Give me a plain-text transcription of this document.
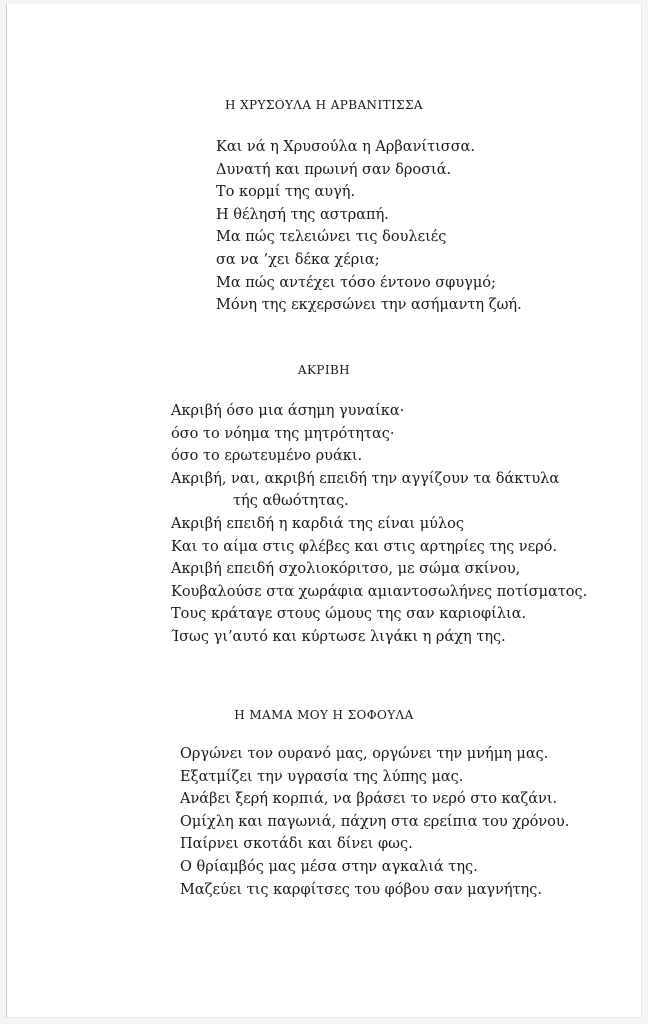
Η ΧΡΥΣΟΥΛΑ Η ΑΡΒΑΝΙΤΙΣΣΑ
Και νά η Χρυσούλα η Αρβανίτισσα.
Δυνατή και πρωινή σαν δροσιά.
Το κορμί της αυγή.
Η θέλησή της αστραπή.
Μα πώς τελειώνει τις δουλειές
σα να ’χει δέκα χέρια;
Μα πώς αντέχει τόσο έντονο σφυγμό;
Μόνη της εκχερσώνει την ασήμαντη ζωή.
ΑΚΡΙΒΗ
Ακριβή όσο μια άσημη γυναίκα·
όσο το νόημα της μητρότητας·
όσο το ερωτευμένο ρυάκι.
Ακριβή, ναι, ακριβή επειδή την αγγίζουν τα δάκτυλα
τής αθωότητας.
Ακριβή επειδή η καρδιά της είναι μύλος
Και το αίμα στις φλέβες και στις αρτηρίες της νερό.
Ακριβή επειδή σχολιοκόριτσο, με σώμα σκίνου,
Κουβαλούσε στα χωράφια αμιαντοσωλήνες ποτίσματος.
Τους κράταγε στους ώμους της σαν καριοφίλια.
Ίσως γι’αυτό και κύρτωσε λιγάκι η ράχη της.
Η ΜΑΜΑ ΜΟΥ Η ΣΟΦΟΥΛΑ
Οργώνει τον ουρανό μας, οργώνει την μνήμη μας.
Εξατμίζει την υγρασία της λύπης μας.
Ανάβει ξερή κορπιά, να βράσει το νερό στο καζάνι.
Ομίχλη και παγωνιά, πάχνη στα ερείπια του χρόνου.
Παίρνει σκοτάδι και δίνει φως.
Ο θρίαμβός μας μέσα στην αγκαλιά της.
Μαζεύει τις καρφίτσες του φόβου σαν μαγνήτης.
